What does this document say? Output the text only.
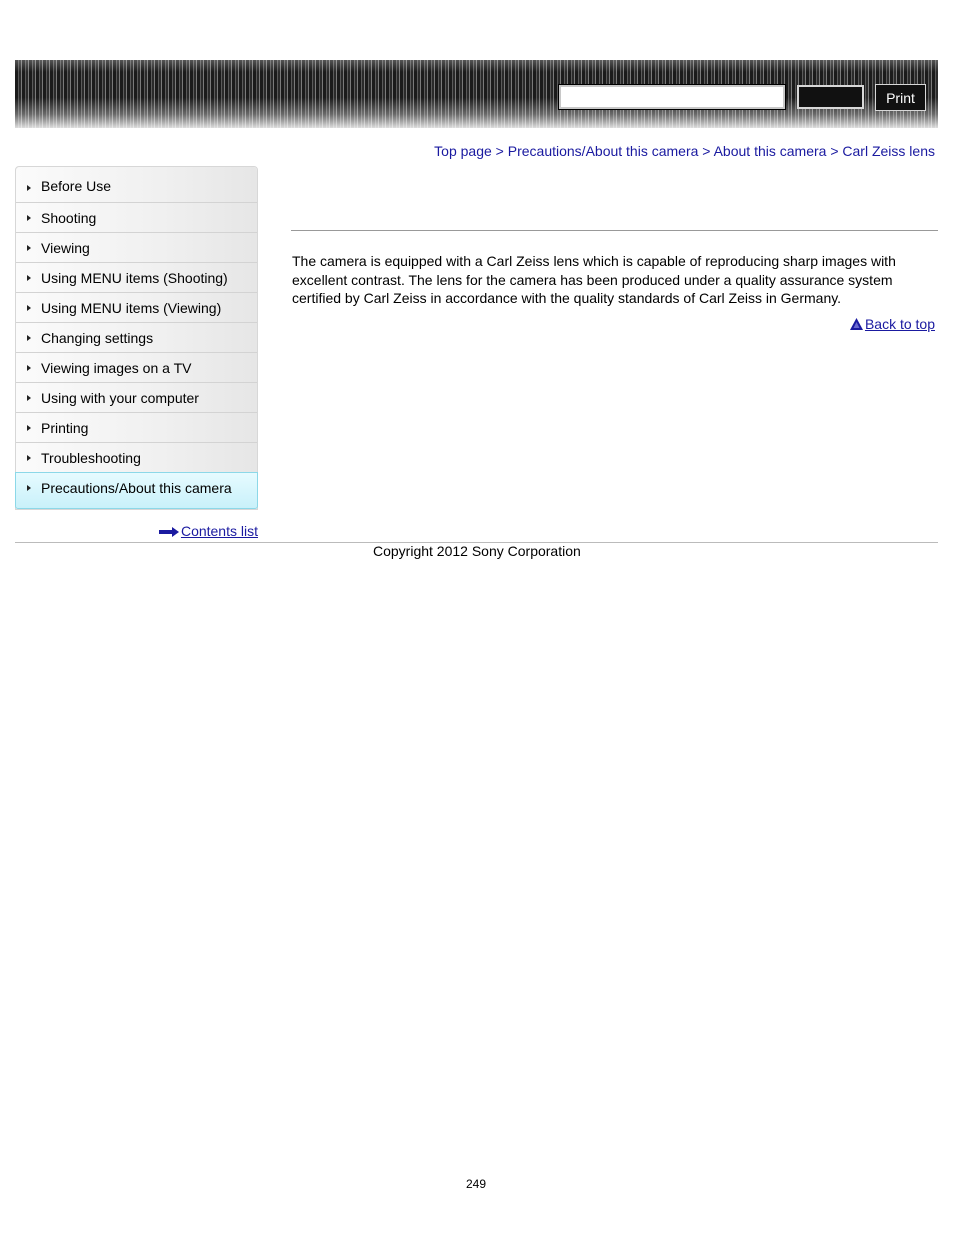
Print
Top page > Precautions/About this camera > About this camera > Carl Zeiss lens
Before Use
Shooting
Viewing
Using MENU items (Shooting)
Using MENU items (Viewing)
Changing settings
Viewing images on a TV
Using with your computer
Printing
Troubleshooting
Precautions/About this camera
Contents list
The camera is equipped with a Carl Zeiss lens which is capable of reproducing sharp images with excellent contrast. The lens for the camera has been produced under a quality assurance system certified by Carl Zeiss in accordance with the quality standards of Carl Zeiss in Germany.
Back to top
Copyright 2012 Sony Corporation
249
